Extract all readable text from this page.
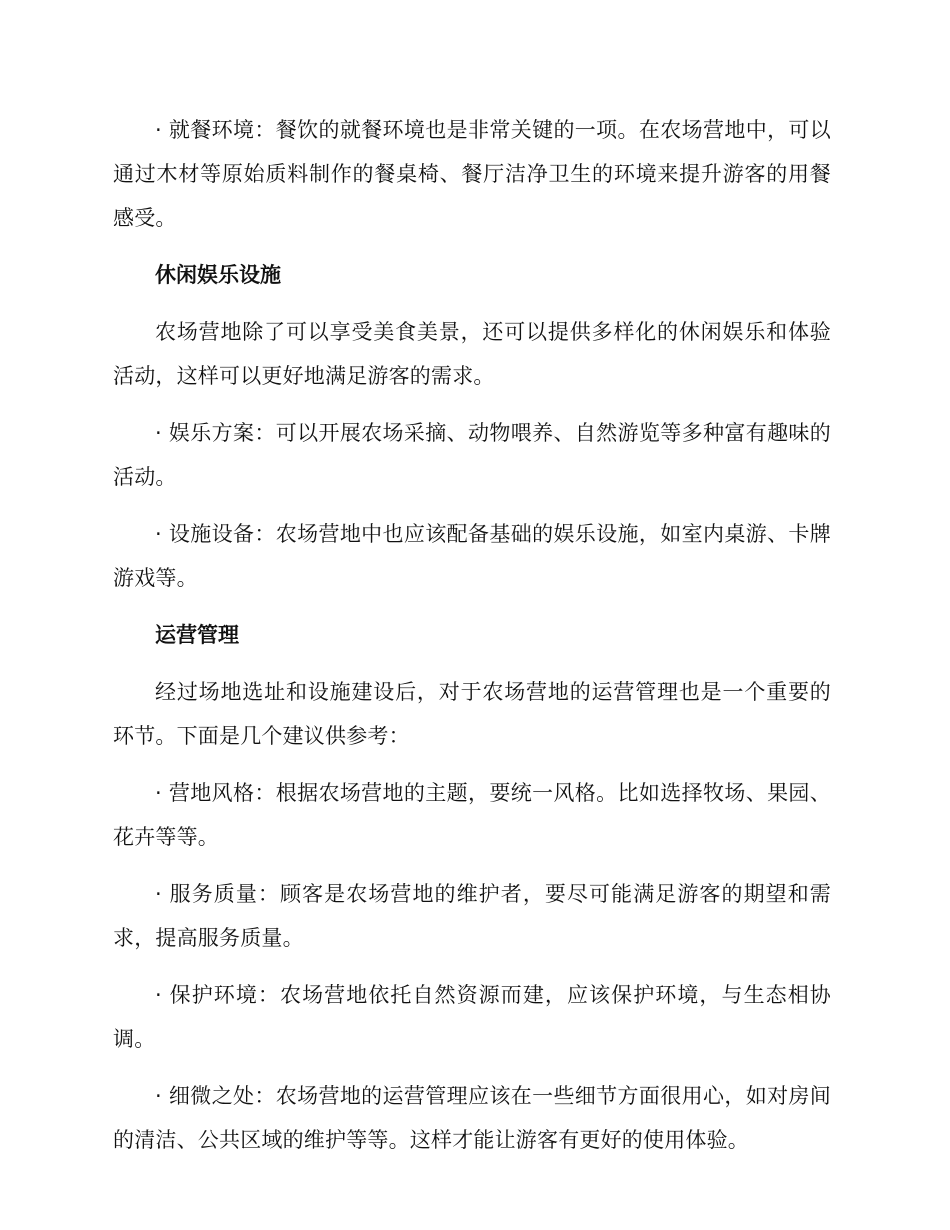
· 就餐环境：餐饮的就餐环境也是非常关键的一项。在农场营地中，可以通过木材等原始质料制作的餐桌椅、餐厅洁净卫生的环境来提升游客的用餐感受。

休闲娱乐设施

农场营地除了可以享受美食美景，还可以提供多样化的休闲娱乐和体验活动，这样可以更好地满足游客的需求。

· 娱乐方案：可以开展农场采摘、动物喂养、自然游览等多种富有趣味的活动。

· 设施设备：农场营地中也应该配备基础的娱乐设施，如室内桌游、卡牌游戏等。

运营管理

经过场地选址和设施建设后，对于农场营地的运营管理也是一个重要的环节。下面是几个建议供参考：

· 营地风格：根据农场营地的主题，要统一风格。比如选择牧场、果园、花卉等等。

· 服务质量：顾客是农场营地的维护者，要尽可能满足游客的期望和需求，提高服务质量。

· 保护环境：农场营地依托自然资源而建，应该保护环境，与生态相协调。

· 细微之处：农场营地的运营管理应该在一些细节方面很用心，如对房间的清洁、公共区域的维护等等。这样才能让游客有更好的使用体验。
